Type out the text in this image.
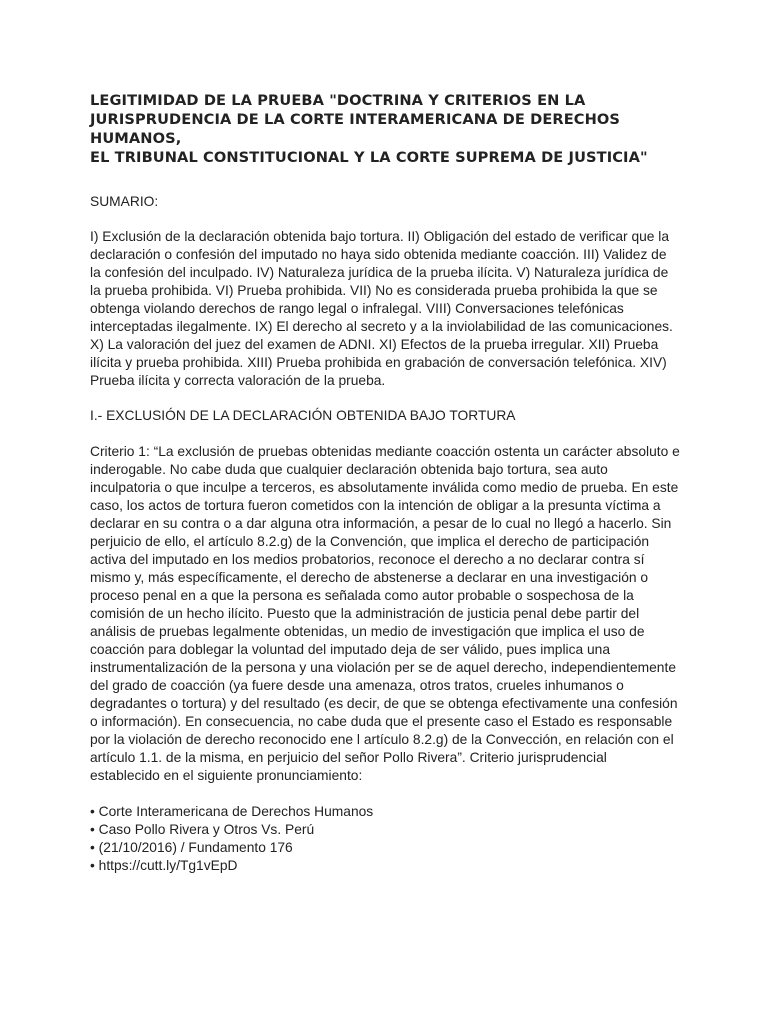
LEGITIMIDAD DE LA PRUEBA "DOCTRINA Y CRITERIOS EN LA
JURISPRUDENCIA DE LA CORTE INTERAMERICANA DE DERECHOS HUMANOS,
EL TRIBUNAL CONSTITUCIONAL Y LA CORTE SUPREMA DE JUSTICIA"

SUMARIO:

I) Exclusión de la declaración obtenida bajo tortura. II) Obligación del estado de verificar que la declaración o confesión del imputado no haya sido obtenida mediante coacción. III) Validez de la confesión del inculpado. IV) Naturaleza jurídica de la prueba ilícita. V) Naturaleza jurídica de la prueba prohibida. VI) Prueba prohibida. VII) No es considerada prueba prohibida la que se obtenga violando derechos de rango legal o infralegal. VIII) Conversaciones telefónicas interceptadas ilegalmente. IX) El derecho al secreto y a la inviolabilidad de las comunicaciones. X) La valoración del juez del examen de ADNI. XI) Efectos de la prueba irregular. XII) Prueba ilícita y prueba prohibida. XIII) Prueba prohibida en grabación de conversación telefónica. XIV) Prueba ilícita y correcta valoración de la prueba.

I.- EXCLUSIÓN DE LA DECLARACIÓN OBTENIDA BAJO TORTURA

Criterio 1: “La exclusión de pruebas obtenidas mediante coacción ostenta un carácter absoluto e inderogable. No cabe duda que cualquier declaración obtenida bajo tortura, sea auto inculpatoria o que inculpe a terceros, es absolutamente inválida como medio de prueba. En este caso, los actos de tortura fueron cometidos con la intención de obligar a la presunta víctima a declarar en su contra o a dar alguna otra información, a pesar de lo cual no llegó a hacerlo. Sin perjuicio de ello, el artículo 8.2.g) de la Convención, que implica el derecho de participación activa del imputado en los medios probatorios, reconoce el derecho a no declarar contra sí mismo y, más específicamente, el derecho de abstenerse a declarar en una investigación o proceso penal en a que la persona es señalada como autor probable o sospechosa de la comisión de un hecho ilícito. Puesto que la administración de justicia penal debe partir del análisis de pruebas legalmente obtenidas, un medio de investigación que implica el uso de coacción para doblegar la voluntad del imputado deja de ser válido, pues implica una instrumentalización de la persona y una violación per se de aquel derecho, independientemente del grado de coacción (ya fuere desde una amenaza, otros tratos, crueles inhumanos o degradantes o tortura) y del resultado (es decir, de que se obtenga efectivamente una confesión o información). En consecuencia, no cabe duda que el presente caso el Estado es responsable por la violación de derecho reconocido ene l artículo 8.2.g) de la Convección, en relación con el artículo 1.1. de la misma, en perjuicio del señor Pollo Rivera”. Criterio jurisprudencial establecido en el siguiente pronunciamiento:

• Corte Interamericana de Derechos Humanos
• Caso Pollo Rivera y Otros Vs. Perú
• (21/10/2016) / Fundamento 176
• https://cutt.ly/Tg1vEpD
